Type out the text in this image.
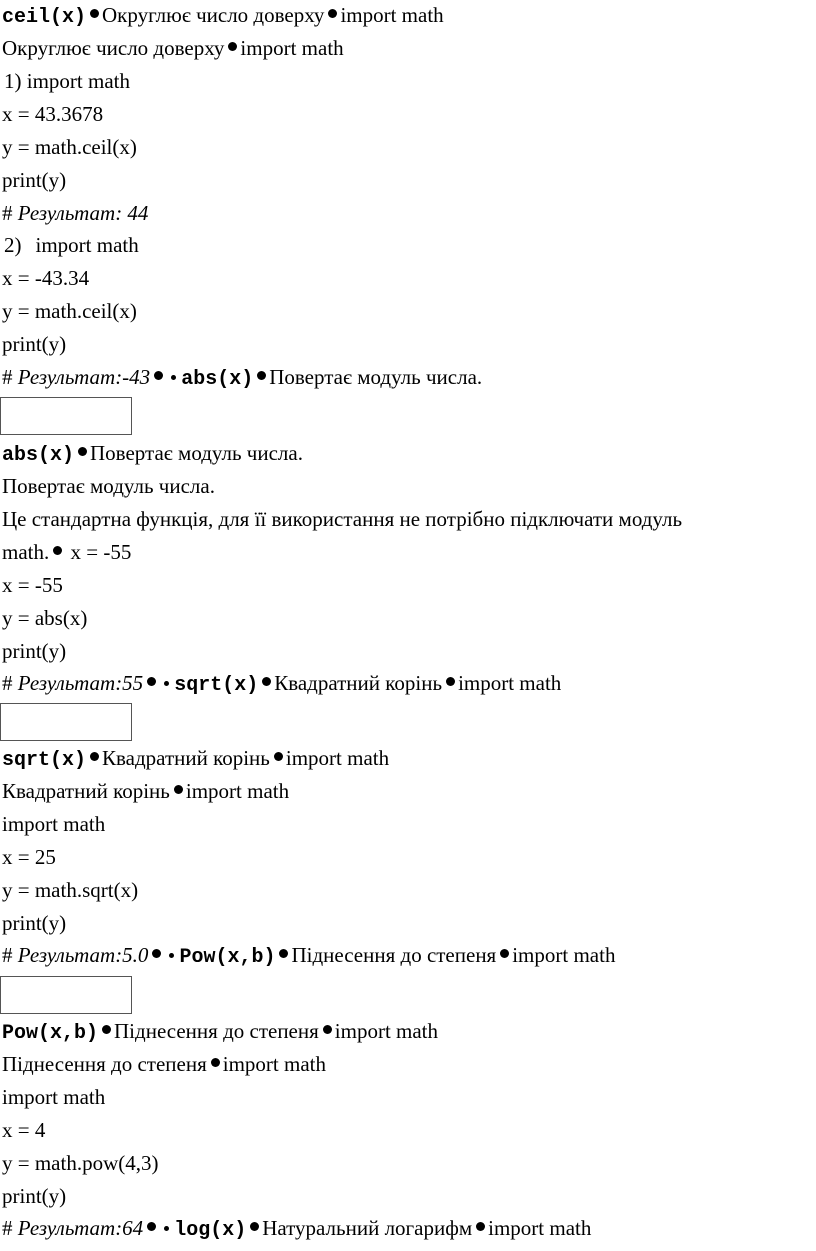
ceil(x) Округлює число доверху import math
Округлює число доверху import math
1) import math
x = 43.3678
y = math.ceil(x)
print(y)
# Результат: 44
2) import math
x = -43.34
y = math.ceil(x)
print(y)
# Результат:-43 abs(x) Повертає модуль числа.
abs(x) Повертає модуль числа.
Повертає модуль числа.
Це стандартна функція, для її використання не потрібно підключати модуль
math. x = -55
x = -55
y = abs(x)
print(y)
# Результат:55 sqrt(x) Квадратний корінь import math
sqrt(x) Квадратний корінь import math
Квадратний корінь import math
import math
x = 25
y = math.sqrt(x)
print(y)
# Результат:5.0 Pow(x,b) Піднесення до степеня import math
Pow(x,b) Піднесення до степеня import math
Піднесення до степеня import math
import math
x = 4
y = math.pow(4,3)
print(y)
# Результат:64 log(x) Натуральний логарифм import math
